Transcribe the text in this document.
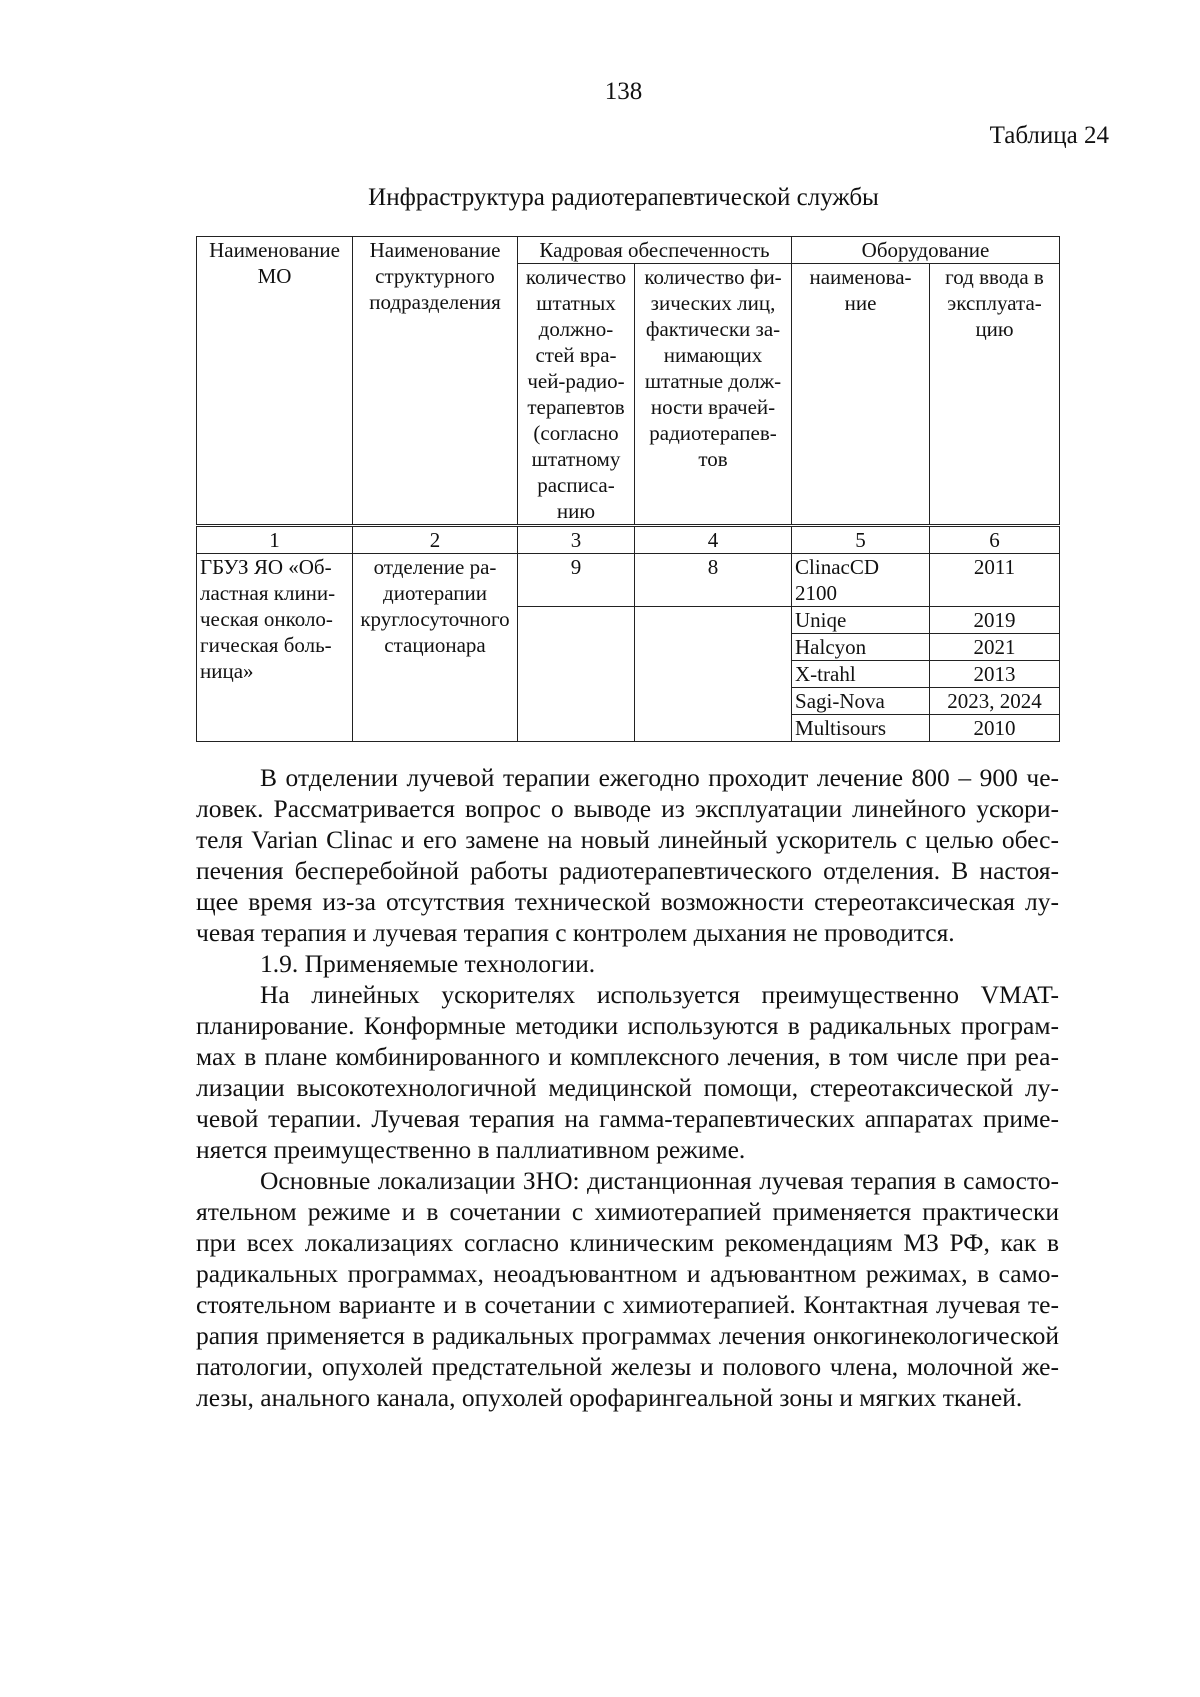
138
Таблица 24
Инфраструктура радиотерапевтической службы
Наименование МО	Наименование структурного подразделения	Кадровая обеспеченность		Оборудование	
		количество штатных должно-стей вра-чей-радио-терапевтов (согласно штатному расписа-нию	количество фи-зических лиц, фактически за-нимающих штатные долж-ности врачей-радиотерапев-тов	наименова-ние	год ввода в эксплуата-цию
1	2	3	4	5	6
ГБУЗ ЯО «Об-ластная клини-ческая онколо-гическая боль-ница»	отделение ра-диотерапии круглосуточного стационара	9	8	ClinacCD 2100	2011
				Uniqe	2019
				Halcyon	2021
				X-trahl	2013
				Sagi-Nova	2023, 2024
				Multisours	2010

В отделении лучевой терапии ежегодно проходит лечение 800 – 900 че-ловек. Рассматривается вопрос о выводе из эксплуатации линейного ускори-теля Varian Clinac и его замене на новый линейный ускоритель с целью обес-печения бесперебойной работы радиотерапевтического отделения. В настоя-щее время из-за отсутствия технической возможности стереотаксическая лу-чевая терапия и лучевая терапия с контролем дыхания не проводится.

1.9. Применяемые технологии.

На линейных ускорителях используется преимущественно VMAT-планирование. Конформные методики используются в радикальных програм-мах в плане комбинированного и комплексного лечения, в том числе при реа-лизации высокотехнологичной медицинской помощи, стереотаксической лу-чевой терапии. Лучевая терапия на гамма-терапевтических аппаратах приме-няется преимущественно в паллиативном режиме.

Основные локализации ЗНО: дистанционная лучевая терапия в самосто-ятельном режиме и в сочетании с химиотерапией применяется практически при всех локализациях согласно клиническим рекомендациям МЗ РФ, как в радикальных программах, неоадъювантном и адъювантном режимах, в само-стоятельном варианте и в сочетании с химиотерапией. Контактная лучевая те-рапия применяется в радикальных программах лечения онкогинекологической патологии, опухолей предстательной железы и полового члена, молочной же-лезы, анального канала, опухолей орофарингеальной зоны и мягких тканей.
